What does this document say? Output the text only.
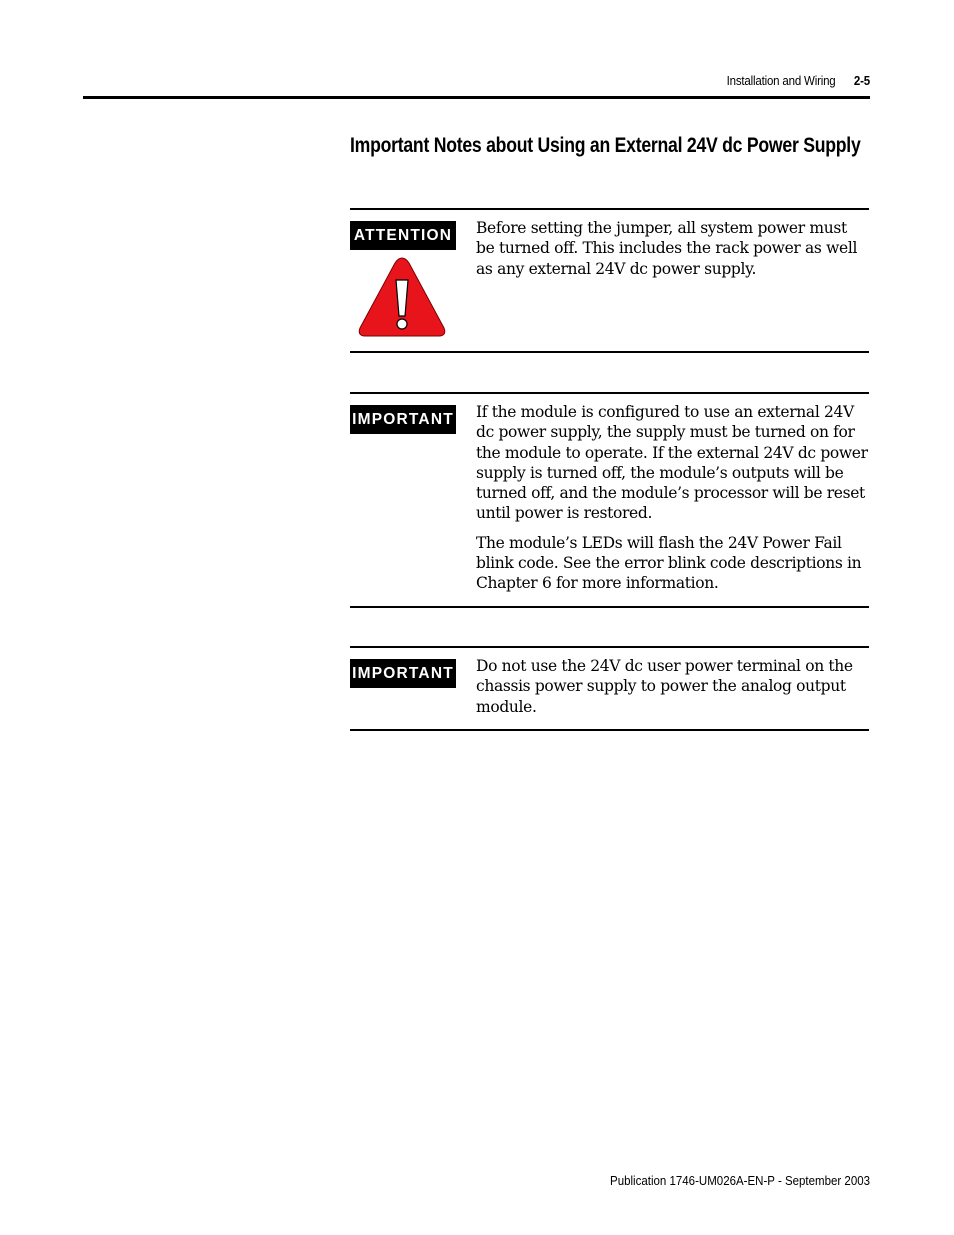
Installation and Wiring 2-5
Important Notes about Using an External 24V dc Power Supply
ATTENTION Before setting the jumper, all system power must be turned off. This includes the rack power as well as any external 24V dc power supply.

IMPORTANT If the module is configured to use an external 24V dc power supply, the supply must be turned on for the module to operate. If the external 24V dc power supply is turned off, the module’s outputs will be turned off, and the module’s processor will be reset until power is restored.

The module’s LEDs will flash the 24V Power Fail blink code. See the error blink code descriptions in Chapter 6 for more information.

IMPORTANT Do not use the 24V dc user power terminal on the chassis power supply to power the analog output module.

Publication 1746-UM026A-EN-P - September 2003
